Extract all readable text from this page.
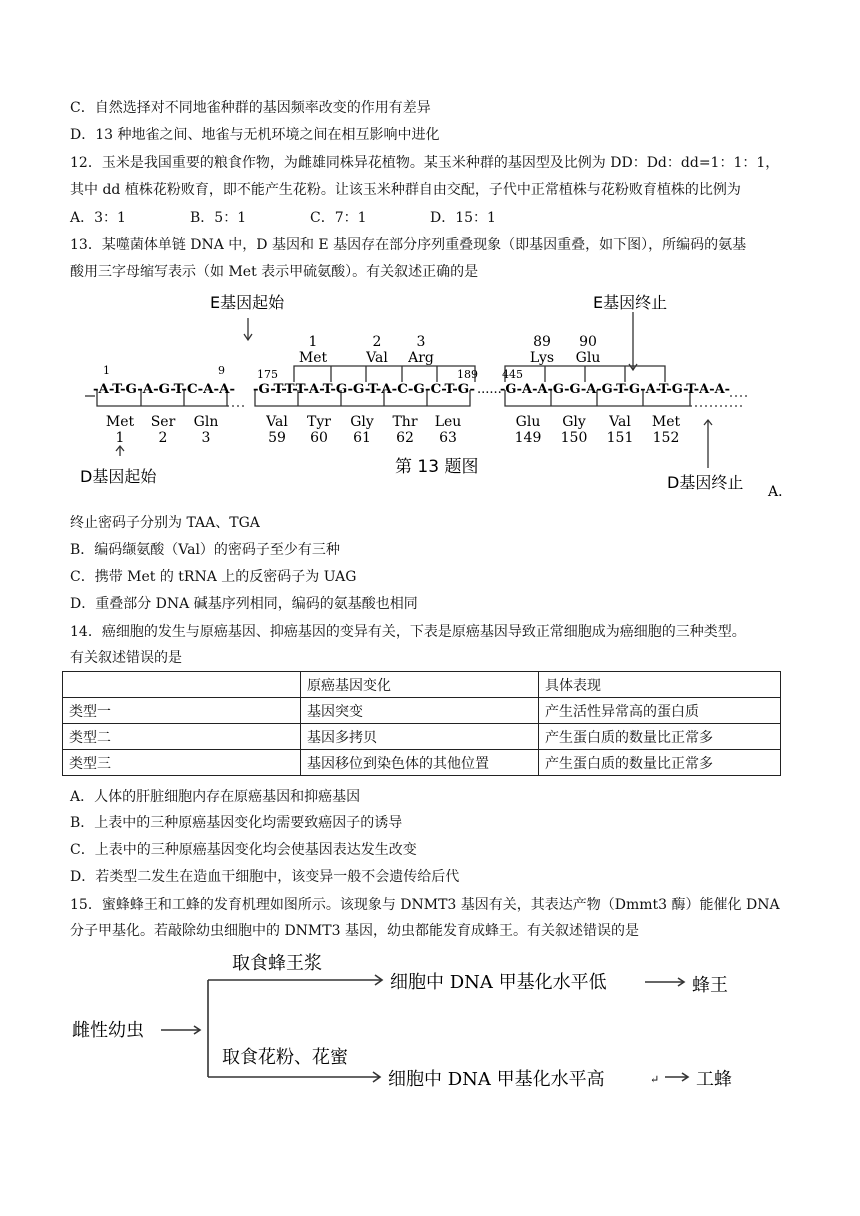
C．自然选择对不同地雀种群的基因频率改变的作用有差异
D．13 种地雀之间、地雀与无机环境之间在相互影响中进化
12．玉米是我国重要的粮食作物，为雌雄同株异花植物。某玉米种群的基因型及比例为 DD：Dd：dd=1：1：1，
其中 dd 植株花粉败育，即不能产生花粉。让该玉米种群自由交配，子代中正常植株与花粉败育植株的比例为
A．3：1	B．5：1	C．7：1	D．15：1
13．某噬菌体单链 DNA 中，D 基因和 E 基因存在部分序列重叠现象（即基因重叠，如下图），所编码的氨基
酸用三字母缩写表示（如 Met 表示甲硫氨酸）。有关叙述正确的是
E基因起始	E基因终止
1
Met
2
Val
3
Arg
89
Lys
90
Glu
1	9	175	189 445
-A-T-G-A-G-T-C-A-A- -G-T-T-T-A-T-G-G-T-A-C-G-C-T-G- ......
-G-A-A-G-G-A-G-T-G-A-T-G-T-A-A-
Met
1
Ser
2
Gln
3
Val
59
Tyr
60
Gly
61
Thr
62
Leu
63
Glu
149
Gly
150
Val
151
Met
152
D基因起始	第 13 题图
D基因终止 A．
终止密码子分别为 TAA、TGA
B．编码缬氨酸（Val）的密码子至少有三种
C．携带 Met 的 tRNA 上的反密码子为 UAG
D．重叠部分 DNA 碱基序列相同，编码的氨基酸也相同
14．癌细胞的发生与原癌基因、抑癌基因的变异有关，下表是原癌基因导致正常细胞成为癌细胞的三种类型。
有关叙述错误的是
	原癌基因变化	具体表现
类型一	基因突变	产生活性异常高的蛋白质
类型二	基因多拷贝	产生蛋白质的数量比正常多
类型三	基因移位到染色体的其他位置	产生蛋白质的数量比正常多
A．人体的肝脏细胞内存在原癌基因和抑癌基因
B．上表中的三种原癌基因变化均需要致癌因子的诱导
C．上表中的三种原癌基因变化均会使基因表达发生改变
D．若类型二发生在造血干细胞中，该变异一般不会遗传给后代
15．蜜蜂蜂王和工蜂的发育机理如图所示。该现象与 DNMT3 基因有关，其表达产物（Dmmt3 酶）能催化 DNA
分子甲基化。若敲除幼虫细胞中的 DNMT3 基因，幼虫都能发育成蜂王。有关叙述错误的是
雌性幼虫
取食蜂王浆
细胞中 DNA 甲基化水平低	蜂王
取食花粉、花蜜
细胞中 DNA 甲基化水平高	↵ 工蜂
